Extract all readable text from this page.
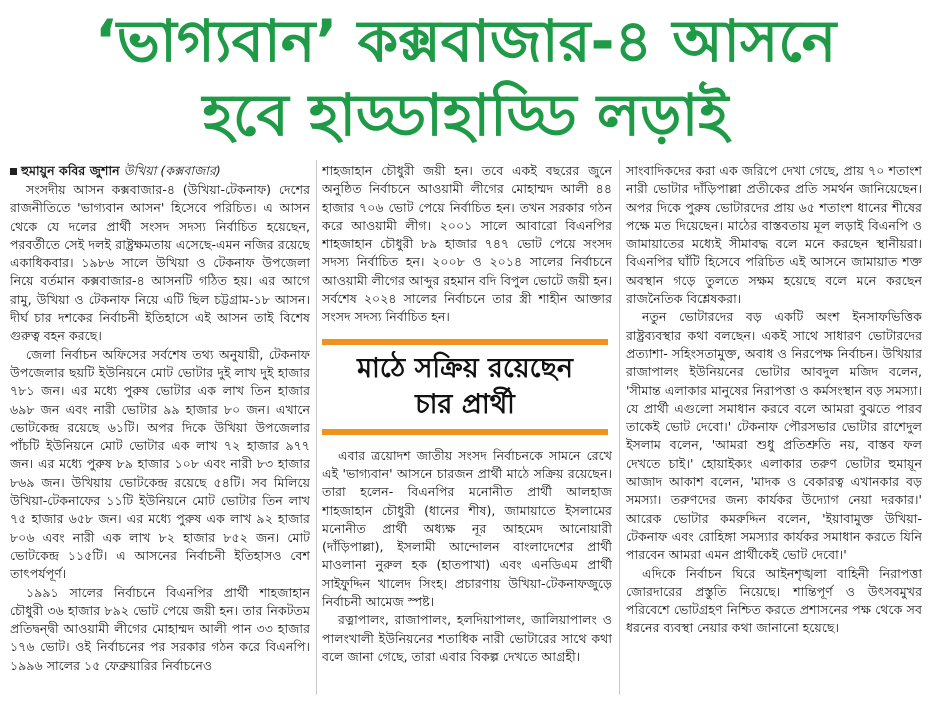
‘ভাগ্যবান’ কক্সবাজার-৪ আসনে
হবে হাড্ডাহাড্ডি লড়াই
হুমায়ুন কবির জুশান উখিয়া (কক্সবাজার)

সংসদীয় আসন কক্সবাজার-৪ (উখিয়া-টেকনাফ) দেশের রাজনীতিতে 'ভাগ্যবান আসন' হিসেবে পরিচিত। এ আসন থেকে যে দলের প্রার্থী সংসদ সদস্য নির্বাচিত হয়েছেন, পরবর্তীতে সেই দলই রাষ্ট্রক্ষমতায় এসেছে-এমন নজির রয়েছে একাধিকবার। ১৯৮৬ সালে উখিয়া ও টেকনাফ উপজেলা নিয়ে বর্তমান কক্সবাজার-৪ আসনটি গঠিত হয়। এর আগে রামু, উখিয়া ও টেকনাফ নিয়ে এটি ছিল চট্টগ্রাম-১৮ আসন। দীর্ঘ চার দশকের নির্বাচনী ইতিহাসে এই আসন তাই বিশেষ গুরুত্ব বহন করছে।

জেলা নির্বাচন অফিসের সর্বশেষ তথ্য অনুযায়ী, টেকনাফ উপজেলার ছয়টি ইউনিয়নে মোট ভোটার দুই লাখ দুই হাজার ৭৮১ জন। এর মধ্যে পুরুষ ভোটার এক লাখ তিন হাজার ৬৯৮ জন এবং নারী ভোটার ৯৯ হাজার ৮০ জন। এখানে ভোটকেন্দ্র রয়েছে ৬১টি। অপর দিকে উখিয়া উপজেলার পাঁচটি ইউনিয়নে মোট ভোটার এক লাখ ৭২ হাজার ৯৭৭ জন। এর মধ্যে পুরুষ ৮৯ হাজার ১০৮ এবং নারী ৮৩ হাজার ৮৬৯ জন। উখিয়ায় ভোটকেন্দ্র রয়েছে ৫৪টি। সব মিলিয়ে উখিয়া-টেকনাফের ১১টি ইউনিয়নে মোট ভোটার তিন লাখ ৭৫ হাজার ৬৫৮ জন। এর মধ্যে পুরুষ এক লাখ ৯২ হাজার ৮০৬ এবং নারী এক লাখ ৮২ হাজার ৮৫২ জন। মোট ভোটকেন্দ্র ১১৫টি। এ আসনের নির্বাচনী ইতিহাসও বেশ তাৎপর্যপূর্ণ।

১৯৯১ সালের নির্বাচনে বিএনপির প্রার্থী শাহজাহান চৌধুরী ৩৬ হাজার ৮৯২ ভোট পেয়ে জয়ী হন। তার নিকটতম প্রতিদ্বন্দ্বী আওয়ামী লীগের মোহাম্মদ আলী পান ৩৩ হাজার ১৭৬ ভোট। ওই নির্বাচনের পর সরকার গঠন করে বিএনপি। ১৯৯৬ সালের ১৫ ফেব্রুয়ারির নির্বাচনেও

শাহজাহান চৌধুরী জয়ী হন। তবে একই বছরের জুনে অনুষ্ঠিত নির্বাচনে আওয়ামী লীগের মোহাম্মদ আলী ৪৪ হাজার ৭০৬ ভোট পেয়ে নির্বাচিত হন। তখন সরকার গঠন করে আওয়ামী লীগ। ২০০১ সালে আবারো বিএনপির শাহজাহান চৌধুরী ৮৯ হাজার ৭৪৭ ভোট পেয়ে সংসদ সদস্য নির্বাচিত হন। ২০০৮ ও ২০১৪ সালের নির্বাচনে আওয়ামী লীগের আব্দুর রহমান বদি বিপুল ভোটে জয়ী হন। সর্বশেষ ২০২৪ সালের নির্বাচনে তার স্ত্রী শাহীন আক্তার সংসদ সদস্য নির্বাচিত হন।

মাঠে সক্রিয় রয়েছেন
চার প্রার্থী

এবার ত্রয়োদশ জাতীয় সংসদ নির্বাচনকে সামনে রেখে এই 'ভাগ্যবান' আসনে চারজন প্রার্থী মাঠে সক্রিয় রয়েছেন। তারা হলেন- বিএনপির মনোনীত প্রার্থী আলহাজ শাহজাহান চৌধুরী (ধানের শীষ), জামায়াতে ইসলামের মনোনীত প্রার্থী অধ্যক্ষ নূর আহমেদ আনোয়ারী (দাঁড়িপাল্লা), ইসলামী আন্দোলন বাংলাদেশের প্রার্থী মাওলানা নুরুল হক (হাতপাখা) এবং এনডিএম প্রার্থী সাইফুদ্দিন খালেদ সিংহ। প্রচারণায় উখিয়া-টেকনাফজুড়ে নির্বাচনী আমেজ স্পষ্ট।

রত্নাপালং, রাজাপালং, হলদিয়াপালং, জালিয়াপালং ও পালংখালী ইউনিয়নের শতাধিক নারী ভোটারের সাথে কথা বলে জানা গেছে, তারা এবার বিকল্প দেখতে আগ্রহী।

সাংবাদিকদের করা এক জরিপে দেখা গেছে, প্রায় ৭০ শতাংশ নারী ভোটার দাঁড়িপাল্লা প্রতীকের প্রতি সমর্থন জানিয়েছেন। অপর দিকে পুরুষ ভোটারদের প্রায় ৬৫ শতাংশ ধানের শীষের পক্ষে মত দিয়েছেন। মাঠের বাস্তবতায় মূল লড়াই বিএনপি ও জামায়াতের মধ্যেই সীমাবদ্ধ বলে মনে করছেন স্থানীয়রা। বিএনপির ঘাঁটি হিসেবে পরিচিত এই আসনে জামায়াত শক্ত অবস্থান গড়ে তুলতে সক্ষম হয়েছে বলে মনে করছেন রাজনৈতিক বিশ্লেষকরা।

নতুন ভোটারদের বড় একটি অংশ ইনসাফভিত্তিক রাষ্ট্রব্যবস্থার কথা বলছেন। একই সাথে সাধারণ ভোটারদের প্রত্যাশা- সহিংসতামুক্ত, অবাধ ও নিরপেক্ষ নির্বাচন। উখিয়ার রাজাপালং ইউনিয়নের ভোটার আবদুল মজিদ বলেন, 'সীমান্ত এলাকার মানুষের নিরাপত্তা ও কর্মসংস্থান বড় সমস্যা। যে প্রার্থী এগুলো সমাধান করবে বলে আমরা বুঝতে পারব তাকেই ভোট দেবো।' টেকনাফ পৌরসভার ভোটার রাশেদুল ইসলাম বলেন, 'আমরা শুধু প্রতিশ্রুতি নয়, বাস্তব ফল দেখতে চাই।' হোয়াইক্যং এলাকার তরুণ ভোটার হুমায়ূন আজাদ আকাশ বলেন, 'মাদক ও বেকারত্ব এখানকার বড় সমস্যা। তরুণদের জন্য কার্যকর উদ্যোগ নেয়া দরকার।' আরেক ভোটার কমরুদ্দিন বলেন, 'ইয়াবামুক্ত উখিয়া-টেকনাফ এবং রোহিঙ্গা সমস্যার কার্যকর সমাধান করতে যিনি পারবেন আমরা এমন প্রার্থীকেই ভোট দেবো।'

এদিকে নির্বাচন ঘিরে আইনশৃঙ্খলা বাহিনী নিরাপত্তা জোরদারের প্রস্তুতি নিয়েছে। শান্তিপূর্ণ ও উৎসবমুখর পরিবেশে ভোটগ্রহণ নিশ্চিত করতে প্রশাসনের পক্ষ থেকে সব ধরনের ব্যবস্থা নেয়ার কথা জানানো হয়েছে।
